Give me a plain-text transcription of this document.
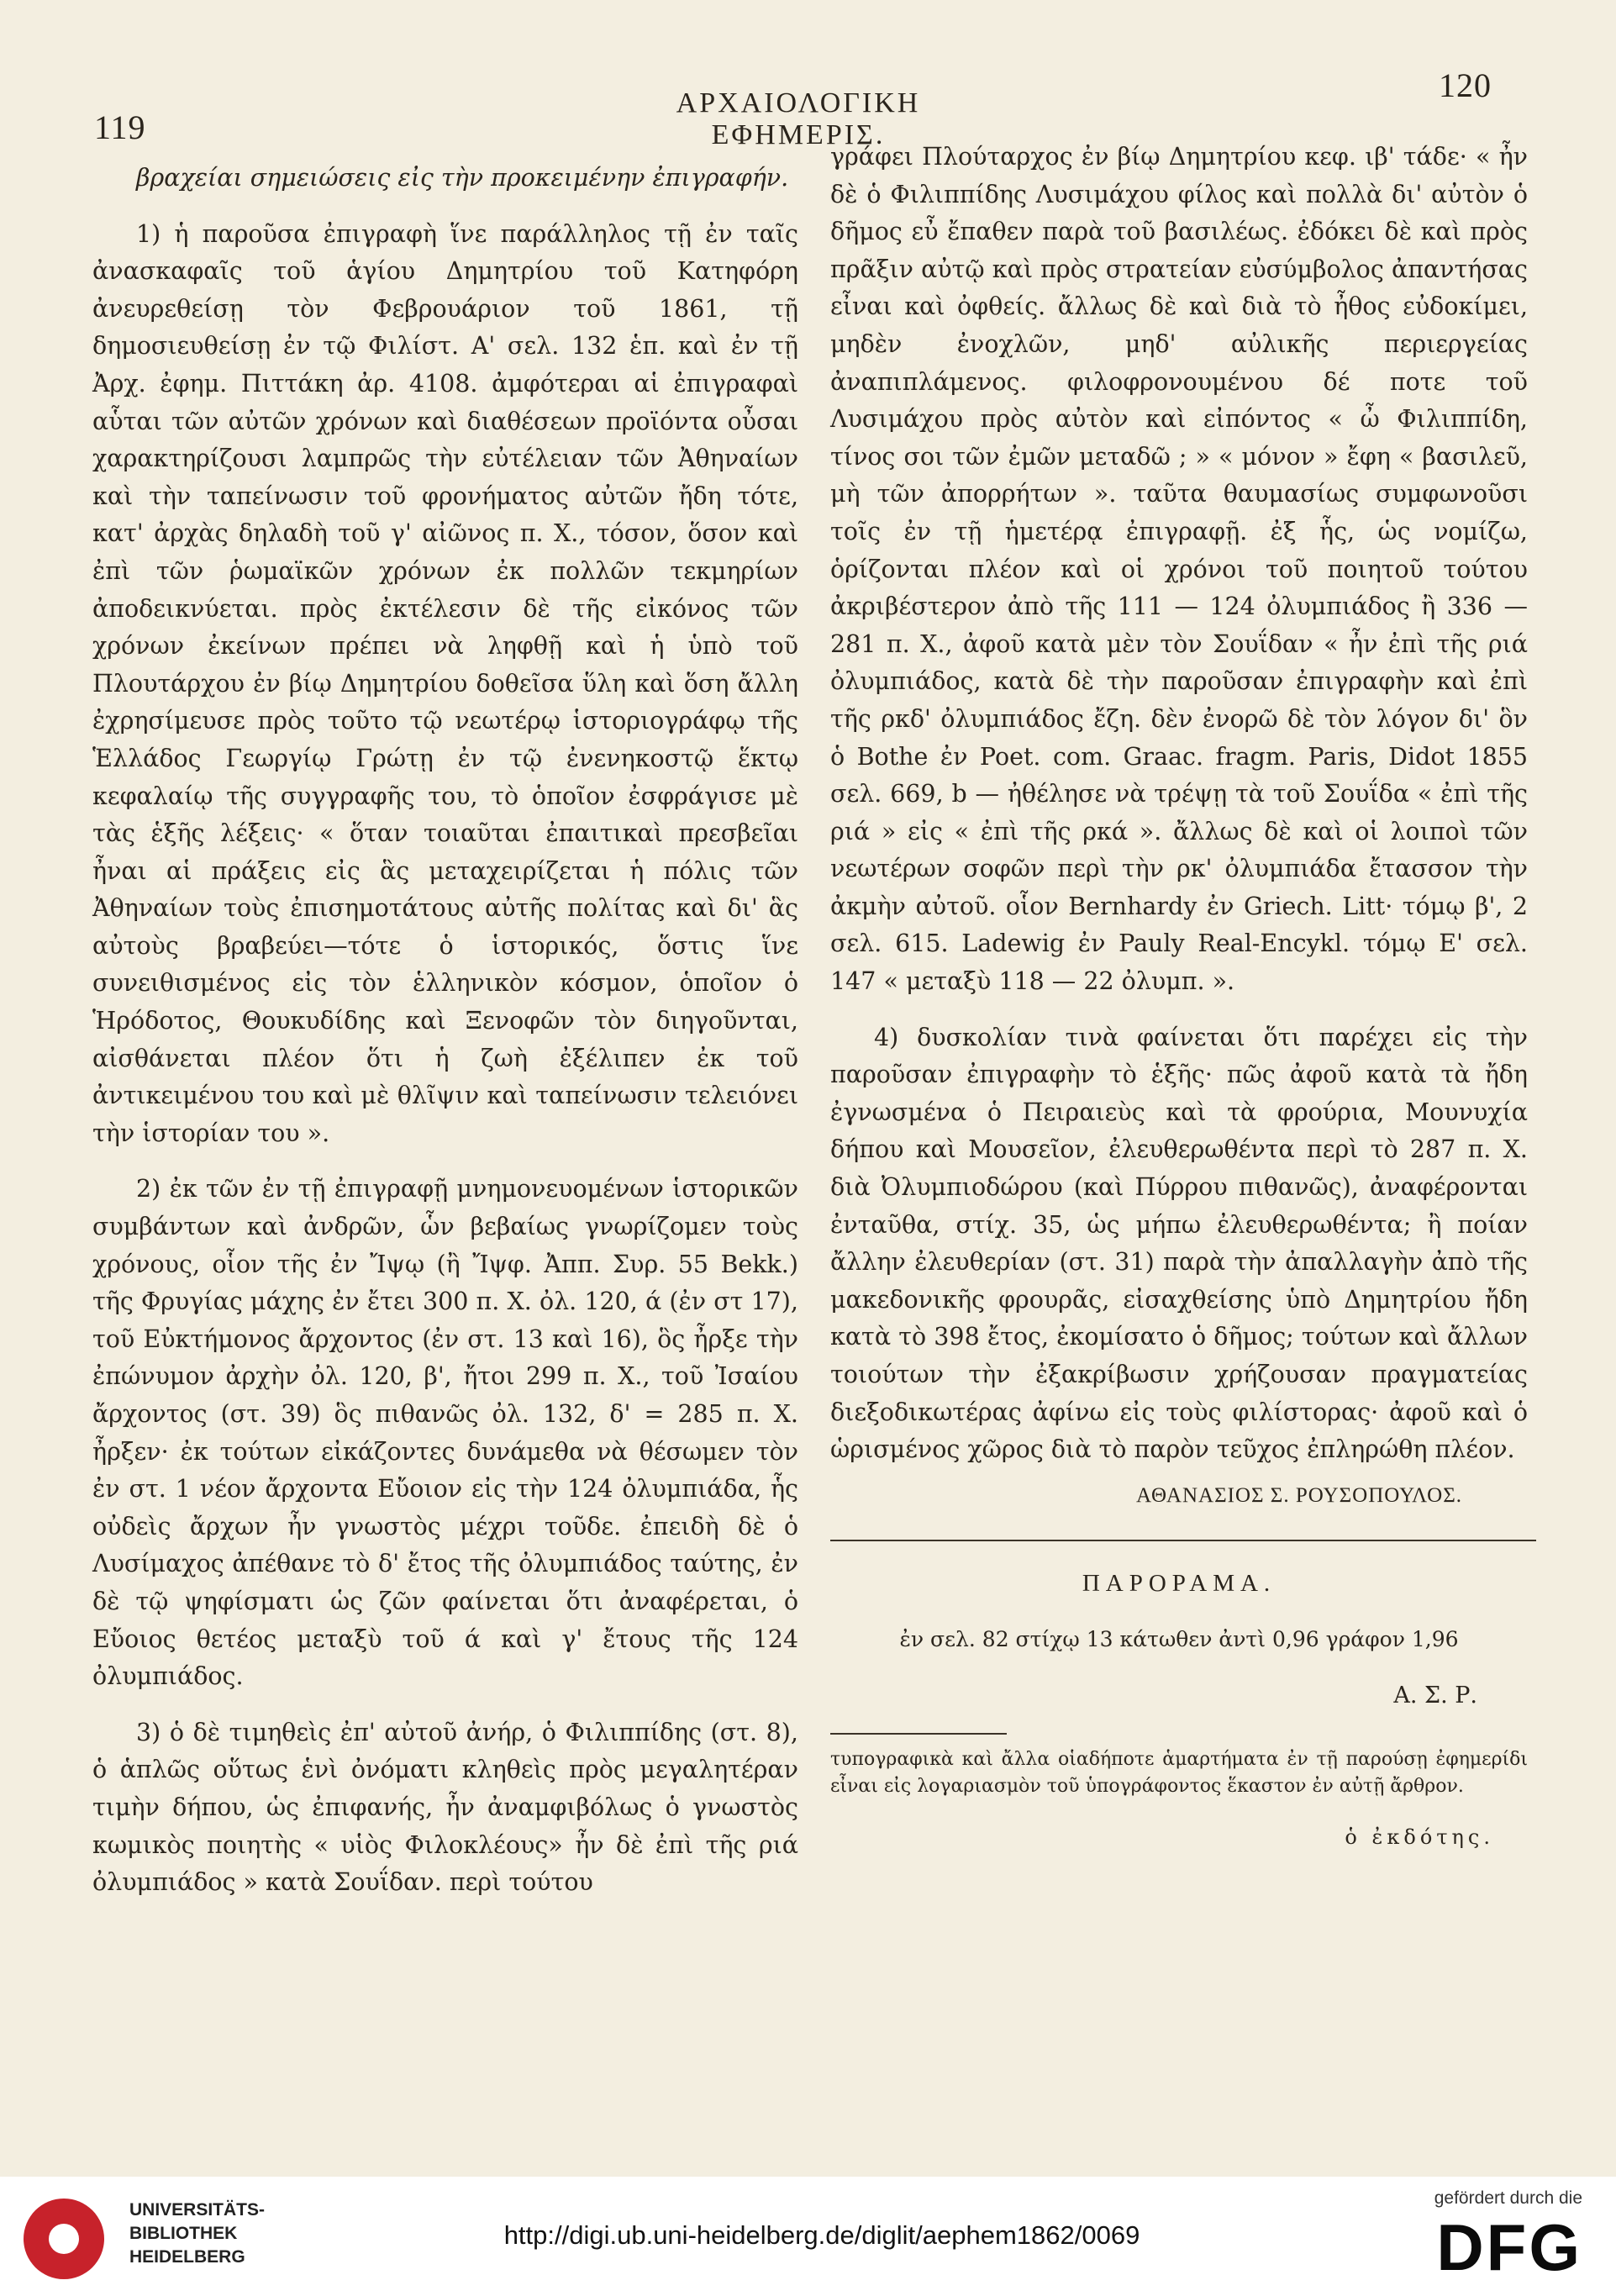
119
ΑΡΧΑΙΟΛΟΓΙΚΗ ΕΦΗΜΕΡΙΣ.
120

βραχείαι σημειώσεις εἰς τὴν προκειμένην ἐπιγραφήν.

1) ἡ παροῦσα ἐπιγραφὴ ἵνε παράλληλος τῇ ἐν ταῖς ἀνασκαφαῖς τοῦ ἁγίου Δημητρίου τοῦ Κατηφόρη ἀνευρεθείσῃ τὸν Φεβρουάριον τοῦ 1861, τῇ δημοσιευθείσῃ ἐν τῷ Φιλίστ. Α' σελ. 132 ἑπ. καὶ ἐν τῇ Ἀρχ. ἐφημ. Πιττάκη ἀρ. 4108. ἀμφότεραι αἱ ἐπιγραφαὶ αὗται τῶν αὐτῶν χρόνων καὶ διαθέσεων προϊόντα οὖσαι χαρακτηρίζουσι λαμπρῶς τὴν εὐτέλειαν τῶν Ἀθηναίων καὶ τὴν ταπείνωσιν τοῦ φρονήματος αὐτῶν ἤδη τότε, κατ' ἀρχὰς δηλαδὴ τοῦ γ' αἰῶνος π. Χ., τόσον, ὅσον καὶ ἐπὶ τῶν ῥωμαϊκῶν χρόνων ἐκ πολλῶν τεκμηρίων ἀποδεικνύεται. πρὸς ἐκτέλεσιν δὲ τῆς εἰκόνος τῶν χρόνων ἐκείνων πρέπει νὰ ληφθῇ καὶ ἡ ὑπὸ τοῦ Πλουτάρχου ἐν βίῳ Δημητρίου δοθεῖσα ὕλη καὶ ὅση ἄλλη ἐχρησίμευσε πρὸς τοῦτο τῷ νεωτέρῳ ἱστοριογράφῳ τῆς Ἑλλάδος Γεωργίῳ Γρώτῃ ἐν τῷ ἐνενηκοστῷ ἕκτῳ κεφαλαίῳ τῆς συγγραφῆς του, τὸ ὁποῖον ἐσφράγισε μὲ τὰς ἑξῆς λέξεις· « ὅταν τοιαῦται ἐπαιτικαὶ πρεσβεῖαι ἦναι αἱ πράξεις εἰς ἃς μεταχειρίζεται ἡ πόλις τῶν Ἀθηναίων τοὺς ἐπισημοτάτους αὐτῆς πολίτας καὶ δι' ἃς αὐτοὺς βραβεύει—τότε ὁ ἱστορικός, ὅστις ἵνε συνειθισμένος εἰς τὸν ἑλληνικὸν κόσμον, ὁποῖον ὁ Ἡρόδοτος, Θουκυδίδης καὶ Ξενοφῶν τὸν διηγοῦνται, αἰσθάνεται πλέον ὅτι ἡ ζωὴ ἐξέλιπεν ἐκ τοῦ ἀντικειμένου του καὶ μὲ θλῖψιν καὶ ταπείνωσιν τελειόνει τὴν ἱστορίαν του ».

2) ἐκ τῶν ἐν τῇ ἐπιγραφῇ μνημονευομένων ἱστορικῶν συμβάντων καὶ ἀνδρῶν, ὧν βεβαίως γνωρίζομεν τοὺς χρόνους, οἷον τῆς ἐν Ἴψῳ (ἢ Ἴψφ. Ἀππ. Συρ. 55 Bekk.) τῆς Φρυγίας μάχης ἐν ἔτει 300 π. Χ. ὀλ. 120, ά (ἐν στ 17), τοῦ Εὐκτήμονος ἄρχοντος (ἐν στ. 13 καὶ 16), ὃς ἦρξε τὴν ἐπώνυμον ἀρχὴν ὀλ. 120, β', ἤτοι 299 π. Χ., τοῦ Ἰσαίου ἄρχοντος (στ. 39) ὃς πιθανῶς ὀλ. 132, δ' = 285 π. Χ. ἦρξεν· ἐκ τούτων εἰκάζοντες δυνάμεθα νὰ θέσωμεν τὸν ἐν στ. 1 νέον ἄρχοντα Εὔοιον εἰς τὴν 124 ὀλυμπιάδα, ἧς οὐδεὶς ἄρχων ἦν γνωστὸς μέχρι τοῦδε. ἐπειδὴ δὲ ὁ Λυσίμαχος ἀπέθανε τὸ δ' ἔτος τῆς ὀλυμπιάδος ταύτης, ἐν δὲ τῷ ψηφίσματι ὡς ζῶν φαίνεται ὅτι ἀναφέρεται, ὁ Εὔοιος θετέος μεταξὺ τοῦ ά καὶ γ' ἔτους τῆς 124 ὀλυμπιάδος.

3) ὁ δὲ τιμηθεὶς ἐπ' αὐτοῦ ἀνήρ, ὁ Φιλιππίδης (στ. 8), ὁ ἁπλῶς οὕτως ἑνὶ ὀνόματι κληθεὶς πρὸς μεγαλητέραν τιμὴν δήπου, ὡς ἐπιφανής, ἦν ἀναμφιβόλως ὁ γνωστὸς κωμικὸς ποιητὴς « υἱὸς Φιλοκλέους» ἦν δὲ ἐπὶ τῆς ριά ὀλυμπιάδος » κατὰ Σουΐδαν. περὶ τούτου

γράφει Πλούταρχος ἐν βίῳ Δημητρίου κεφ. ιβ' τάδε· « ἦν δὲ ὁ Φιλιππίδης Λυσιμάχου φίλος καὶ πολλὰ δι' αὐτὸν ὁ δῆμος εὖ ἔπαθεν παρὰ τοῦ βασιλέως. ἐδόκει δὲ καὶ πρὸς πρᾶξιν αὐτῷ καὶ πρὸς στρατείαν εὐσύμβολος ἀπαντήσας εἶναι καὶ ὀφθείς. ἄλλως δὲ καὶ διὰ τὸ ἦθος εὐδοκίμει, μηδὲν ἐνοχλῶν, μηδ' αὐλικῆς περιεργείας ἀναπιπλάμενος. φιλοφρονουμένου δέ ποτε τοῦ Λυσιμάχου πρὸς αὐτὸν καὶ εἰπόντος « ὦ Φιλιππίδη, τίνος σοι τῶν ἐμῶν μεταδῶ ; » « μόνον » ἔφη « βασιλεῦ, μὴ τῶν ἀπορρήτων ». ταῦτα θαυμασίως συμφωνοῦσι τοῖς ἐν τῇ ἡμετέρᾳ ἐπιγραφῇ. ἐξ ἧς, ὡς νομίζω, ὁρίζονται πλέον καὶ οἱ χρόνοι τοῦ ποιητοῦ τούτου ἀκριβέστερον ἀπὸ τῆς 111 — 124 ὀλυμπιάδος ἢ 336 — 281 π. Χ., ἀφοῦ κατὰ μὲν τὸν Σουΐδαν « ἦν ἐπὶ τῆς ριά ὀλυμπιάδος, κατὰ δὲ τὴν παροῦσαν ἐπιγραφὴν καὶ ἐπὶ τῆς ρκδ' ὀλυμπιάδος ἔζη. δὲν ἐνορῶ δὲ τὸν λόγον δι' ὃν ὁ Bothe ἐν Poet. com. Graac. fragm. Paris, Didot 1855 σελ. 669, b — ἠθέλησε νὰ τρέψῃ τὰ τοῦ Σουΐδα « ἐπὶ τῆς ριά » εἰς « ἐπὶ τῆς ρκά ». ἄλλως δὲ καὶ οἱ λοιποὶ τῶν νεωτέρων σοφῶν περὶ τὴν ρκ' ὀλυμπιάδα ἔτασσον τὴν ἀκμὴν αὐτοῦ. οἷον Bernhardy ἐν Griech. Litt· τόμῳ β', 2 σελ. 615. Ladewig ἐν Pauly Real-Encykl. τόμῳ Ε' σελ. 147 « μεταξὺ 118 — 22 ὀλυμπ. ».

4) δυσκολίαν τινὰ φαίνεται ὅτι παρέχει εἰς τὴν παροῦσαν ἐπιγραφὴν τὸ ἑξῆς· πῶς ἀφοῦ κατὰ τὰ ἤδη ἐγνωσμένα ὁ Πειραιεὺς καὶ τὰ φρούρια, Μουνυχία δήπου καὶ Μουσεῖον, ἐλευθερωθέντα περὶ τὸ 287 π. Χ. διὰ Ὀλυμπιοδώρου (καὶ Πύρρου πιθανῶς), ἀναφέρονται ἐνταῦθα, στίχ. 35, ὡς μήπω ἐλευθερωθέντα; ἢ ποίαν ἄλλην ἐλευθερίαν (στ. 31) παρὰ τὴν ἀπαλλαγὴν ἀπὸ τῆς μακεδονικῆς φρουρᾶς, εἰσαχθείσης ὑπὸ Δημητρίου ἤδη κατὰ τὸ 398 ἔτος, ἐκομίσατο ὁ δῆμος; τούτων καὶ ἄλλων τοιούτων τὴν ἐξακρίβωσιν χρήζουσαν πραγματείας διεξοδικωτέρας ἀφίνω εἰς τοὺς φιλίστορας· ἀφοῦ καὶ ὁ ὡρισμένος χῶρος διὰ τὸ παρὸν τεῦχος ἐπληρώθη πλέον.

ΑΘΑΝΑΣΙΟΣ Σ. ΡΟΥΣΟΠΟΥΛΟΣ.

ΠΑΡΟΡΑΜΑ.

ἐν σελ. 82 στίχῳ 13 κάτωθεν ἀντὶ 0,96 γράφον 1,96

Α. Σ. Ρ.

τυπογραφικὰ καὶ ἄλλα οἱαδήποτε ἁμαρτήματα ἐν τῇ παρούσῃ ἐφημερίδι εἶναι εἰς λογαριασμὸν τοῦ ὑπογράφοντος ἕκαστον ἐν αὐτῇ ἄρθρον.

ὁ ἐκδότης.

UNIVERSITÄTS-
BIBLIOTHEK
HEIDELBERG
http://digi.ub.uni-heidelberg.de/diglit/aephem1862/0069
gefördert durch die
DFG
